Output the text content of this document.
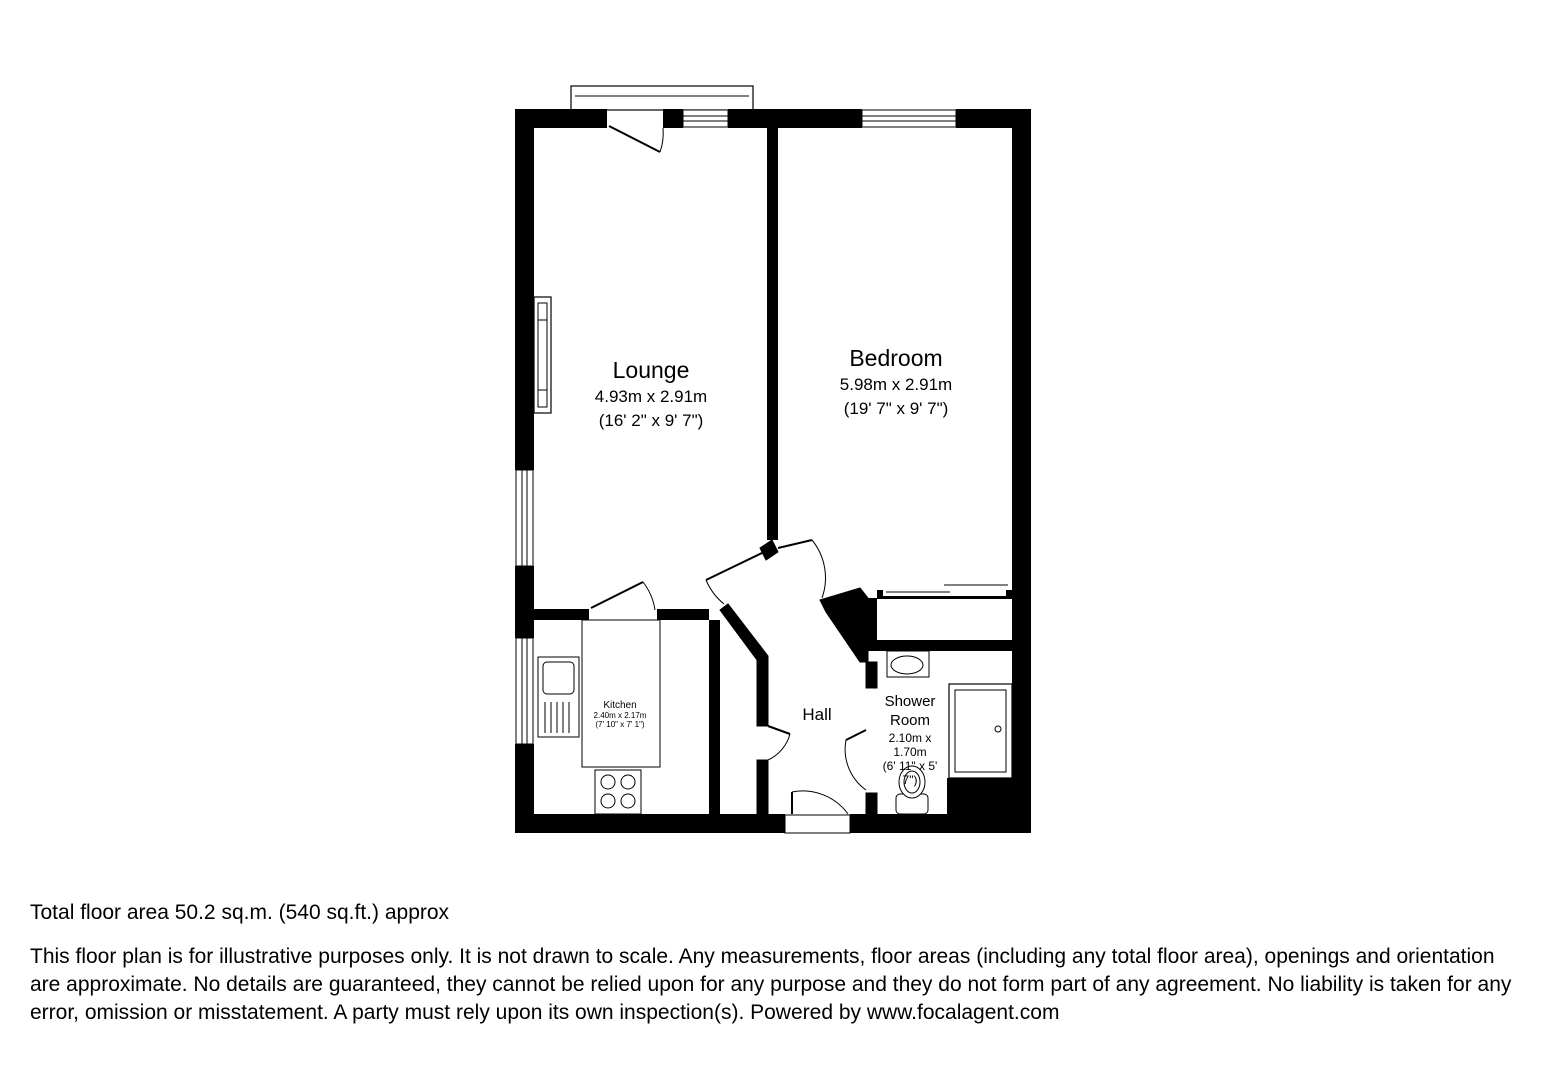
Lounge
4.93m x 2.91m
(16' 2" x 9' 7")
Bedroom
5.98m x 2.91m
(19' 7" x 9' 7")
Kitchen
2.40m x 2.17m
(7' 10" x 7' 1")
Hall
Shower
Room
2.10m x
1.70m
(6' 11" x 5'
7")

Total floor area 50.2 sq.m. (540 sq.ft.) approx

This floor plan is for illustrative purposes only. It is not drawn to scale. Any measurements, floor areas (including any total floor area), openings and orientation are approximate. No details are guaranteed, they cannot be relied upon for any purpose and they do not form part of any agreement. No liability is taken for any error, omission or misstatement. A party must rely upon its own inspection(s). Powered by www.focalagent.com
